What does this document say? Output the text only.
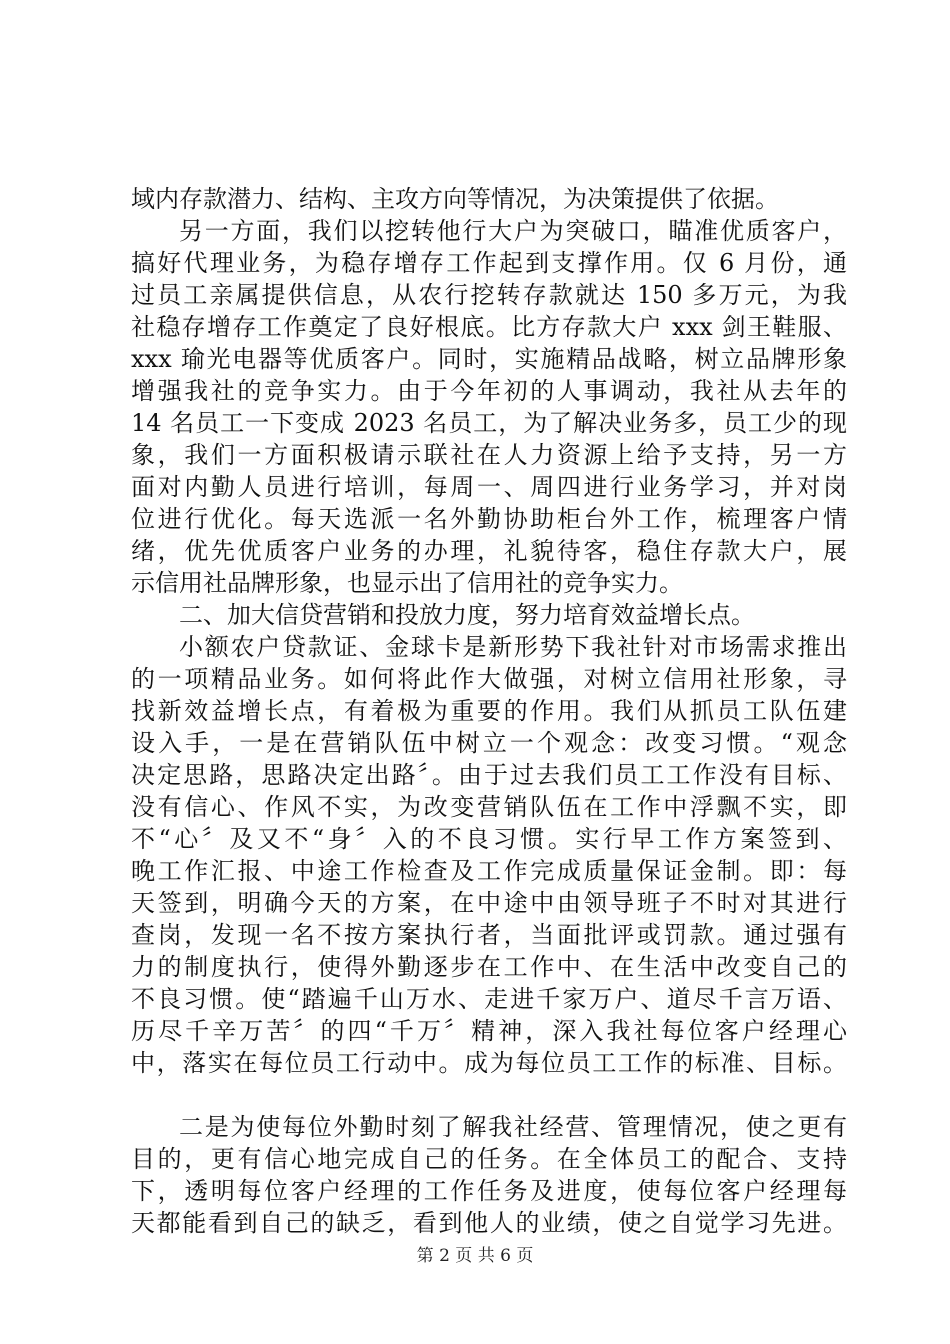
域内存款潜力、结构、主攻方向等情况，为决策提供了依据。
另一方面，我们以挖转他行大户为突破口，瞄准优质客户，
搞好代理业务，为稳存增存工作起到支撑作用。仅 6 月份，通
过员工亲属提供信息，从农行挖转存款就达 150 多万元，为我
社稳存增存工作奠定了良好根底。比方存款大户 xxx 剑王鞋服、
xxx 瑜光电器等优质客户。同时，实施精品战略，树立品牌形象
增强我社的竞争实力。由于今年初的人事调动，我社从去年的
14 名员工一下变成 2023 名员工，为了解决业务多，员工少的现
象，我们一方面积极请示联社在人力资源上给予支持，另一方
面对内勤人员进行培训，每周一、周四进行业务学习，并对岗
位进行优化。每天选派一名外勤协助柜台外工作，梳理客户情
绪，优先优质客户业务的办理，礼貌待客，稳住存款大户，展
示信用社品牌形象，也显示出了信用社的竞争实力。
二、加大信贷营销和投放力度，努力培育效益增长点。
小额农户贷款证、金球卡是新形势下我社针对市场需求推出
的一项精品业务。如何将此作大做强，对树立信用社形象，寻
找新效益增长点，有着极为重要的作用。我们从抓员工队伍建
设入手，一是在营销队伍中树立一个观念：改变习惯。“观念
决定思路，思路决定出路〞。由于过去我们员工工作没有目标、
没有信心、作风不实，为改变营销队伍在工作中浮飘不实，即
不“心〞及又不“身〞入的不良习惯。实行早工作方案签到、
晚工作汇报、中途工作检查及工作完成质量保证金制。即：每
天签到，明确今天的方案，在中途中由领导班子不时对其进行
查岗，发现一名不按方案执行者，当面批评或罚款。通过强有
力的制度执行，使得外勤逐步在工作中、在生活中改变自己的
不良习惯。使“踏遍千山万水、走进千家万户、道尽千言万语、
历尽千辛万苦〞的四“千万〞精神，深入我社每位客户经理心
中，落实在每位员工行动中。成为每位员工工作的标准、目标。
二是为使每位外勤时刻了解我社经营、管理情况，使之更有
目的，更有信心地完成自己的任务。在全体员工的配合、支持
下，透明每位客户经理的工作任务及进度，使每位客户经理每
天都能看到自己的缺乏，看到他人的业绩，使之自觉学习先进。
第 2 页 共 6 页
